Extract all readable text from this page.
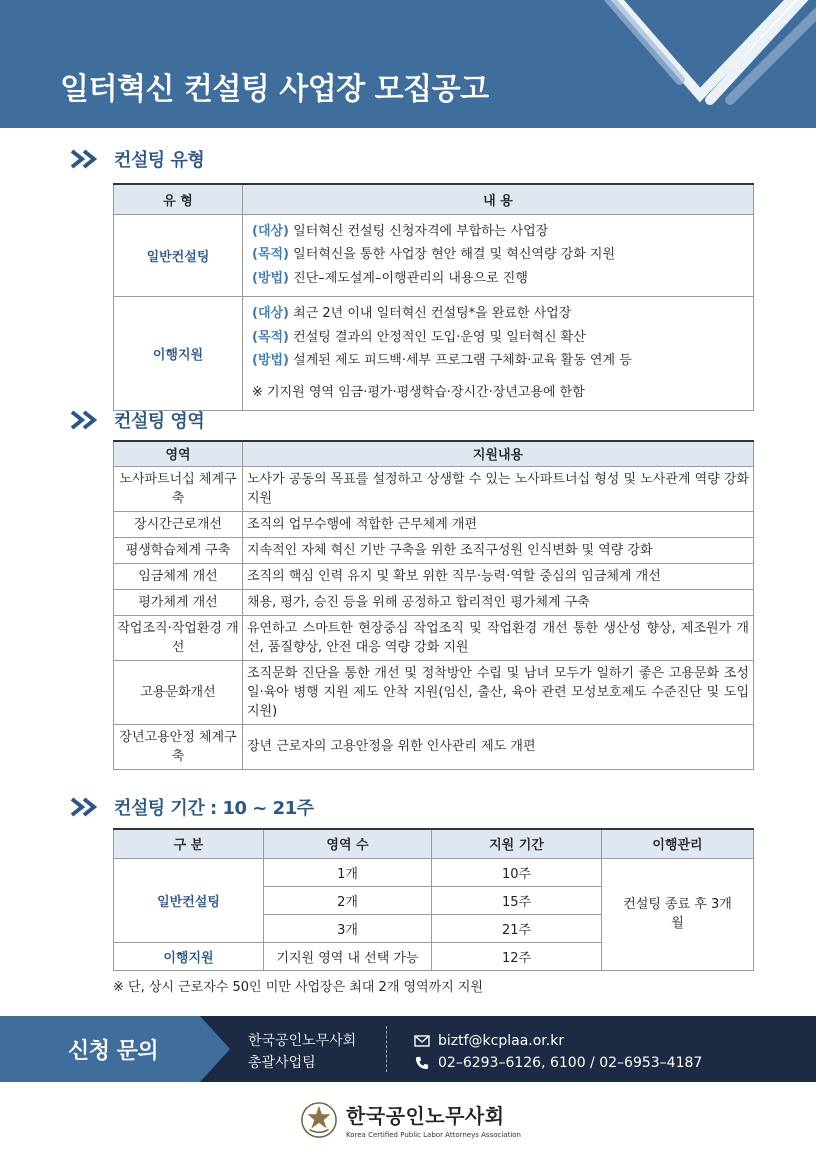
일터혁신 컨설팅 사업장 모집공고
컨설팅 유형
유 형	내 용
일반컨설팅	(대상) 일터혁신 컨설팅 신청자격에 부합하는 사업장
(목적) 일터혁신을 통한 사업장 현안 해결 및 혁신역량 강화 지원
(방법) 진단–제도설계–이행관리의 내용으로 진행

이행지원	(대상) 최근 2년 이내 일터혁신 컨설팅*을 완료한 사업장
(목적) 컨설팅 결과의 안정적인 도입·운영 및 일터혁신 확산
(방법) 설계된 제도 피드백·세부 프로그램 구체화·교육 활동 연계 등
※ 기지원 영역 임금·평가·평생학습·장시간·장년고용에 한함
컨설팅 영역
영역	지원내용
노사파트너십 체계구축	노사가 공동의 목표를 설정하고 상생할 수 있는 노사파트너십 형성 및 노사관계 역량 강화 지원
장시간근로개선	조직의 업무수행에 적합한 근무체계 개편
평생학습체계 구축	지속적인 자체 혁신 기반 구축을 위한 조직구성원 인식변화 및 역량 강화
임금체계 개선	조직의 핵심 인력 유지 및 확보 위한 직무·능력·역할 중심의 임금체계 개선
평가체계 개선	채용, 평가, 승진 등을 위해 공정하고 합리적인 평가체계 구축
작업조직·작업환경 개선	유연하고 스마트한 현장중심 작업조직 및 작업환경 개선 통한 생산성 향상, 제조원가 개선, 품질향상, 안전 대응 역량 강화 지원
고용문화개선	조직문화 진단을 통한 개선 및 정착방안 수립 및 남녀 모두가 일하기 좋은 고용문화 조성 일·육아 병행 지원 제도 안착 지원(임신, 출산, 육아 관련 모성보호제도 수준진단 및 도입 지원)
장년고용안정 체계구축	장년 근로자의 고용안정을 위한 인사관리 제도 개편
컨설팅 기간 : 10 ~ 21주
구 분	영역 수	지원 기간	이행관리
일반컨설팅	1개	10주	컨설팅 종료 후 3개월
	2개	15주	
	3개	21주	
이행지원	기지원 영역 내 선택 가능	12주	
※ 단, 상시 근로자수 50인 미만 사업장은 최대 2개 영역까지 지원
신청 문의	한국공인노무사회
총괄사업팀
biztf@kcplaa.or.kr
02–6293–6126, 6100 / 02–6953–4187
한국공인노무사회
Korea Certified Public Labor Attorneys Association
